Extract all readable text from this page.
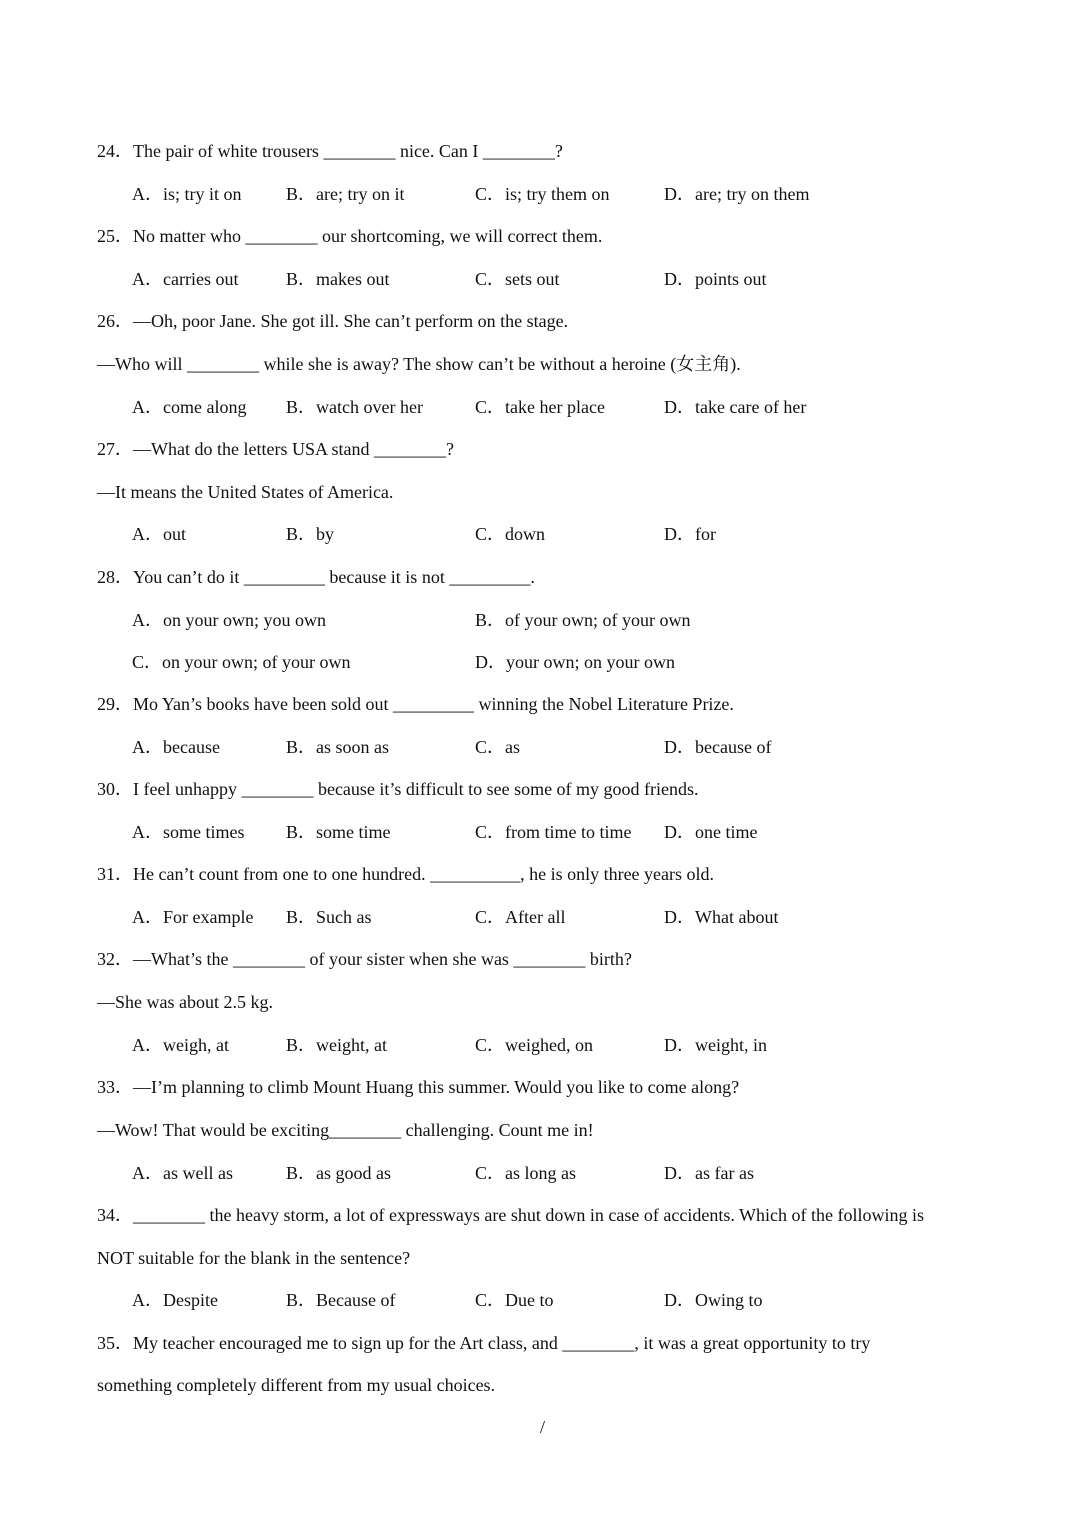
24．The pair of white trousers ________ nice. Can I ________?
A．is; try it on B．are; try on it	C．is; try them on	D．are; try on them
25．No matter who ________ our shortcoming, we will correct them.
A．carries out	B．makes out	C．sets out	D．points out
26．—Oh, poor Jane. She got ill. She can’t perform on the stage.
—Who will ________ while she is away? The show can’t be without a heroine (女主角).
A．come along B．watch over her	C．take her place	D．take care of her
27．—What do the letters USA stand ________?
—It means the United States of America.
A．out	B．by	C．down	D．for
28．You can’t do it _________ because it is not _________.
A．on your own; you own	B．of your own; of your own
C．on your own; of your own	D．your own; on your own
29．Mo Yan’s books have been sold out _________ winning the Nobel Literature Prize.
A．because	B．as soon as	C．as	D．because of
30．I feel unhappy ________ because it’s difficult to see some of my good friends.
A．some times B．some time	C．from time to time D．one time
31．He can’t count from one to one hundred. __________, he is only three years old.
A．For example B．Such as	C．After all	D．What about
32．—What’s the ________ of your sister when she was ________ birth?
—She was about 2.5 kg.
A．weigh, at	B．weight, at	C．weighed, on	D．weight, in
33．—I’m planning to climb Mount Huang this summer. Would you like to come along?
—Wow! That would be exciting________ challenging. Count me in!
A．as well as	B．as good as	C．as long as	D．as far as
34．________ the heavy storm, a lot of expressways are shut down in case of accidents. Which of the following is
NOT suitable for the blank in the sentence?
A．Despite	B．Because of	C．Due to	D．Owing to
35．My teacher encouraged me to sign up for the Art class, and ________, it was a great opportunity to try
something completely different from my usual choices.
/
